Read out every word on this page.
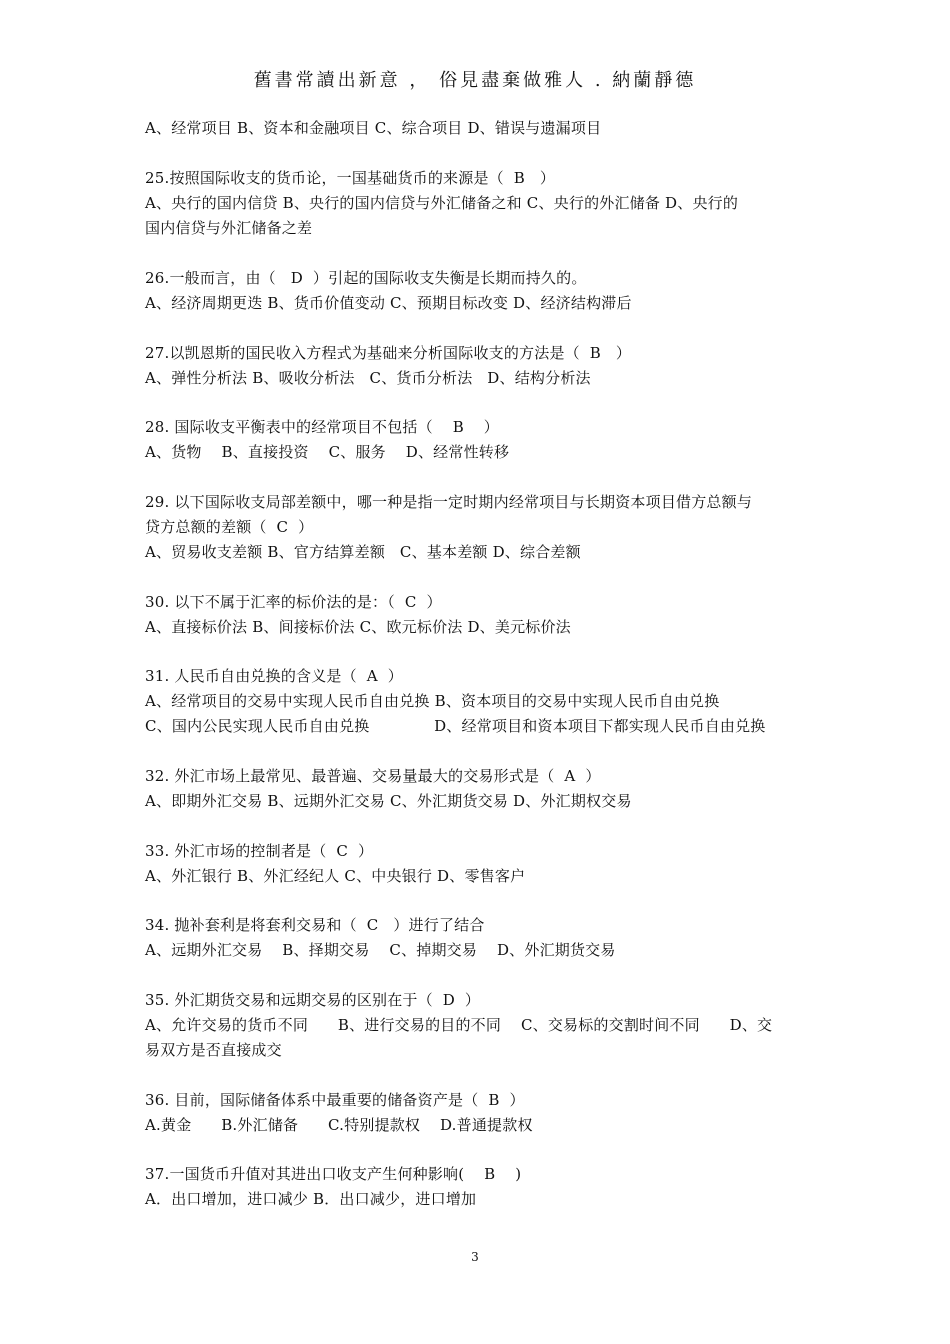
舊書常讀出新意 ， 俗見盡棄做雅人 . 納蘭靜德
A、经常项目 B、资本和金融项目 C、综合项目 D、错误与遗漏项目
25.按照国际收支的货币论，一国基础货币的来源是（  B   ）
A、央行的国内信贷 B、央行的国内信贷与外汇储备之和 C、央行的外汇储备 D、央行的
国内信贷与外汇储备之差
26.一般而言，由（   D  ）引起的国际收支失衡是长期而持久的。
A、经济周期更迭 B、货币价值变动 C、预期目标改变 D、经济结构滞后
27.以凯恩斯的国民收入方程式为基础来分析国际收支的方法是（  B   ）
A、弹性分析法 B、吸收分析法   C、货币分析法   D、结构分析法
28. 国际收支平衡表中的经常项目不包括（    B    ）
A、货物    B、直接投资    C、服务    D、经常性转移
29. 以下国际收支局部差额中，哪一种是指一定时期内经常项目与长期资本项目借方总额与
贷方总额的差额（  C  ）
A、贸易收支差额 B、官方结算差额   C、基本差额 D、综合差额
30. 以下不属于汇率的标价法的是：（  C  ）
A、直接标价法 B、间接标价法 C、欧元标价法 D、美元标价法
31. 人民币自由兑换的含义是（  A  ）
A、经常项目的交易中实现人民币自由兑换 B、资本项目的交易中实现人民币自由兑换
C、国内公民实现人民币自由兑换             D、经常项目和资本项目下都实现人民币自由兑换
32. 外汇市场上最常见、最普遍、交易量最大的交易形式是（  A  ）
A、即期外汇交易 B、远期外汇交易 C、外汇期货交易 D、外汇期权交易
33. 外汇市场的控制者是（  C  ）
A、外汇银行 B、外汇经纪人 C、中央银行 D、零售客户
34. 抛补套利是将套利交易和（  C   ）进行了结合
A、远期外汇交易    B、择期交易    C、掉期交易    D、外汇期货交易
35. 外汇期货交易和远期交易的区别在于（  D  ）
A、允许交易的货币不同      B、进行交易的目的不同    C、交易标的交割时间不同      D、交
易双方是否直接成交
36. 目前，国际储备体系中最重要的储备资产是（  B  ）
A.黄金      B.外汇储备      C.特别提款权    D.普通提款权
37.一国货币升值对其进出口收支产生何种影响(    B    )
A．出口增加，进口减少 B．出口减少，进口增加
3
